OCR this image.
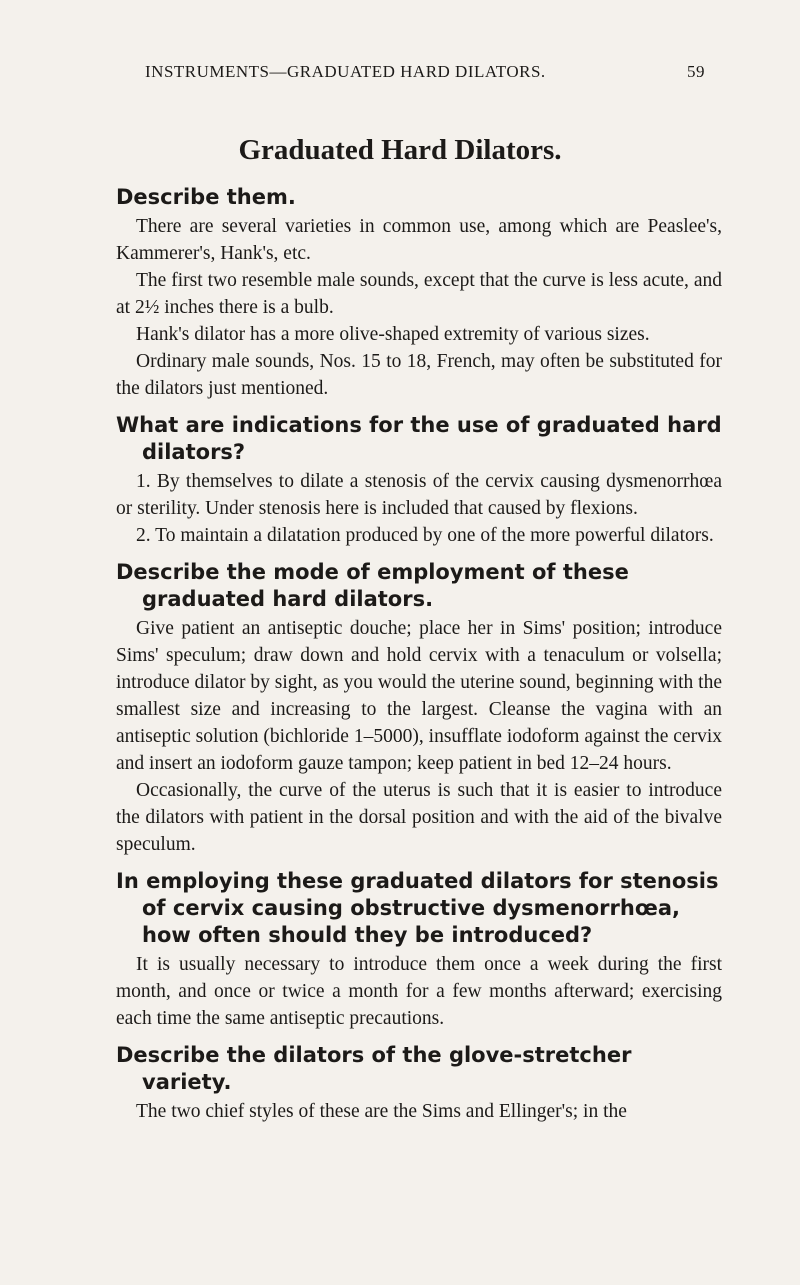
INSTRUMENTS—GRADUATED HARD DILATORS.	59
Graduated Hard Dilators.
Describe them.

There are several varieties in common use, among which are Peaslee's, Kammerer's, Hank's, etc.

The first two resemble male sounds, except that the curve is less acute, and at 2½ inches there is a bulb.

Hank's dilator has a more olive-shaped extremity of various sizes.

Ordinary male sounds, Nos. 15 to 18, French, may often be substituted for the dilators just mentioned.

What are indications for the use of graduated hard dilators?

1. By themselves to dilate a stenosis of the cervix causing dysmenorrhœa or sterility. Under stenosis here is included that caused by flexions.

2. To maintain a dilatation produced by one of the more powerful dilators.

Describe the mode of employment of these graduated hard dilators.

Give patient an antiseptic douche; place her in Sims' position; introduce Sims' speculum; draw down and hold cervix with a tenaculum or volsella; introduce dilator by sight, as you would the uterine sound, beginning with the smallest size and increasing to the largest. Cleanse the vagina with an antiseptic solution (bichloride 1–5000), insufflate iodoform against the cervix and insert an iodoform gauze tampon; keep patient in bed 12–24 hours.

Occasionally, the curve of the uterus is such that it is easier to introduce the dilators with patient in the dorsal position and with the aid of the bivalve speculum.

In employing these graduated dilators for stenosis of cervix causing obstructive dysmenorrhœa, how often should they be introduced?

It is usually necessary to introduce them once a week during the first month, and once or twice a month for a few months afterward; exercising each time the same antiseptic precautions.

Describe the dilators of the glove-stretcher variety.

The two chief styles of these are the Sims and Ellinger's; in the
